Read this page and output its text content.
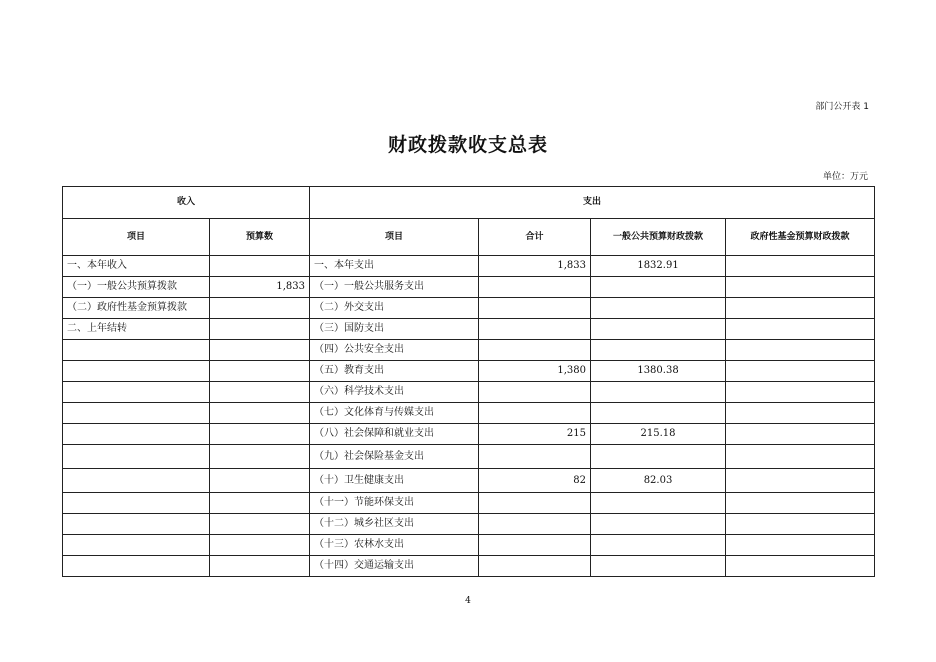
部门公开表 1
财政拨款收支总表
单位：万元
收入		支出			
项目	预算数	项目	合计	一般公共预算财政拨款	政府性基金预算财政拨款
一、本年收入		一、本年支出	1,833	1832.91	
（一）一般公共预算拨款	1,833	（一）一般公共服务支出			
（二）政府性基金预算拨款		（二）外交支出			
二、上年结转		（三）国防支出			
		（四）公共安全支出			
		（五）教育支出	1,380	1380.38	
		（六）科学技术支出			
		（七）文化体育与传媒支出			
		（八）社会保障和就业支出	215	215.18	
		（九）社会保险基金支出			
		（十）卫生健康支出	82	82.03	
		（十一）节能环保支出			
		（十二）城乡社区支出			
		（十三）农林水支出			
		（十四）交通运输支出			
4
